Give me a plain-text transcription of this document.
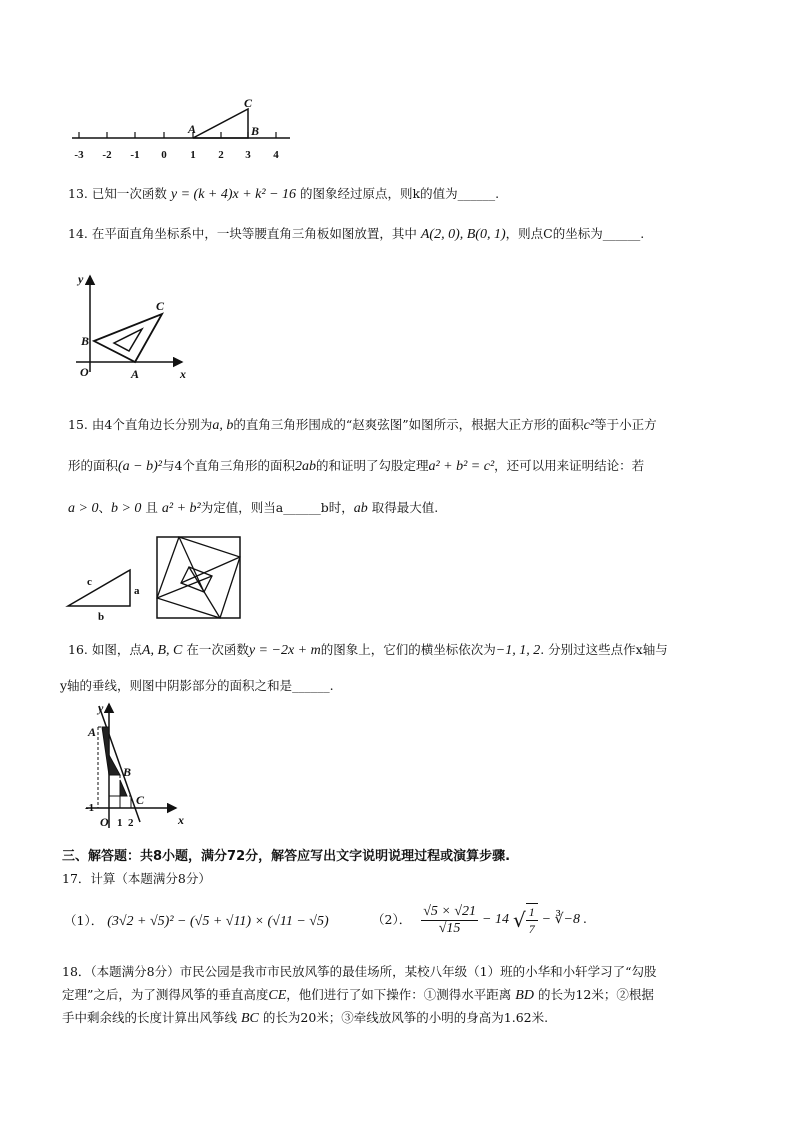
-3 -2 -1 0 1 2 3 4
A	B
C
13. 已知一次函数 y = (k + 4)x + k² − 16 的图象经过原点，则k的值为______.
14. 在平面直角坐标系中，一块等腰直角三角板如图放置，其中 A(2, 0), B(0, 1)，则点C的坐标为______.
y
x
O	A
B
C
15. 由4个直角边长分别为a, b的直角三角形围成的“赵爽弦图”如图所示，根据大正方形的面积c²等于小正方
形的面积(a − b)²与4个直角三角形的面积2ab的和证明了勾股定理a² + b² = c²，还可以用来证明结论：若
a > 0、b > 0 且 a² + b²为定值，则当a______b时，ab 取得最大值.
c
a
b
16. 如图，点A, B, C 在一次函数y = −2x + m的图象上，它们的横坐标依次为−1, 1, 2. 分别过这些点作x轴与
y轴的垂线，则图中阴影部分的面积之和是______.
y
x
O
A
B
C
-1
1 2
三、解答题：共8小题，满分72分，解答应写出文字说明说理过程或演算步骤.
17．计算（本题满分8分）
（1）． (3√2 + √5)² − (√5 + √11) × (√11 − √5)	（2）． $\frac{√5 \times √21}{√15} - 14$ √ $\frac{1}{7}$ − ∛−8 .
18．（本题满分8分）市民公园是我市市民放风筝的最佳场所，某校八年级（1）班的小华和小轩学习了“勾股
定理”之后，为了测得风筝的垂直高度CE，他们进行了如下操作：①测得水平距离 BD 的长为12米；②根据
手中剩余线的长度计算出风筝线 BC 的长为20米；③牵线放风筝的小明的身高为1.62米.
